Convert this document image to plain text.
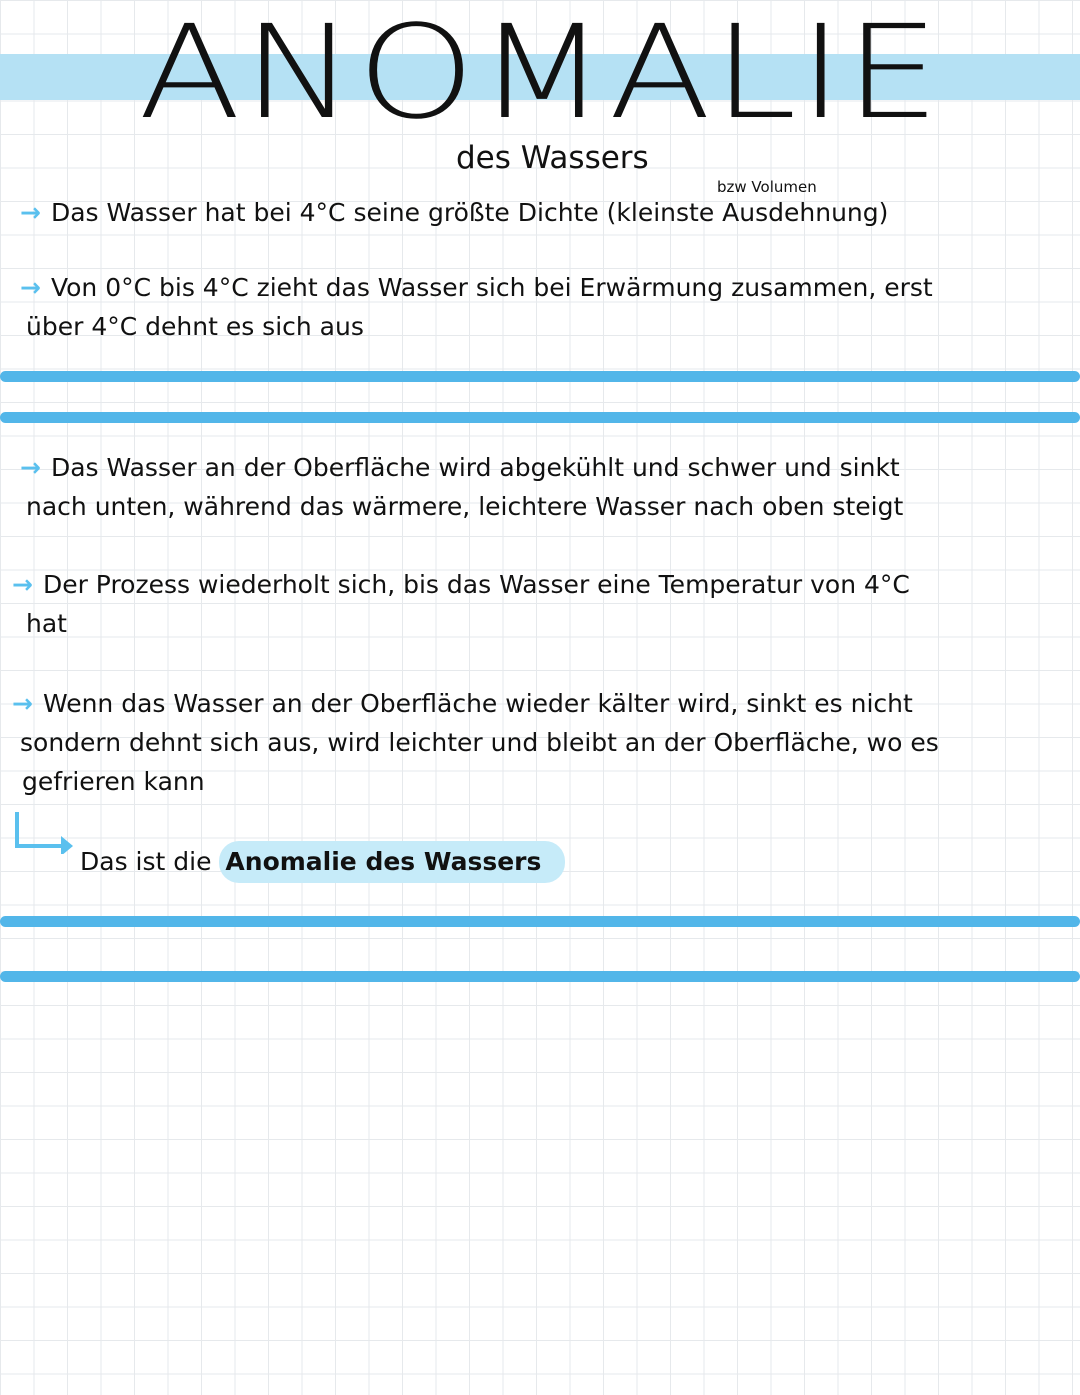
ANOMALIE
des Wassers
bzw Volumen
→ Das Wasser hat bei 4°C seine größte Dichte (kleinste Ausdehnung)
→ Von 0°C bis 4°C zieht das Wasser sich bei Erwärmung zusammen, erst
über 4°C dehnt es sich aus
→ Das Wasser an der Oberfläche wird abgekühlt und schwer und sinkt
nach unten, während das wärmere, leichtere Wasser nach oben steigt
→ Der Prozess wiederholt sich, bis das Wasser eine Temperatur von 4°C
hat
→ Wenn das Wasser an der Oberfläche wieder kälter wird, sinkt es nicht
sondern dehnt sich aus, wird leichter und bleibt an der Oberfläche, wo es
gefrieren kann
Das ist die Anomalie des Wassers
